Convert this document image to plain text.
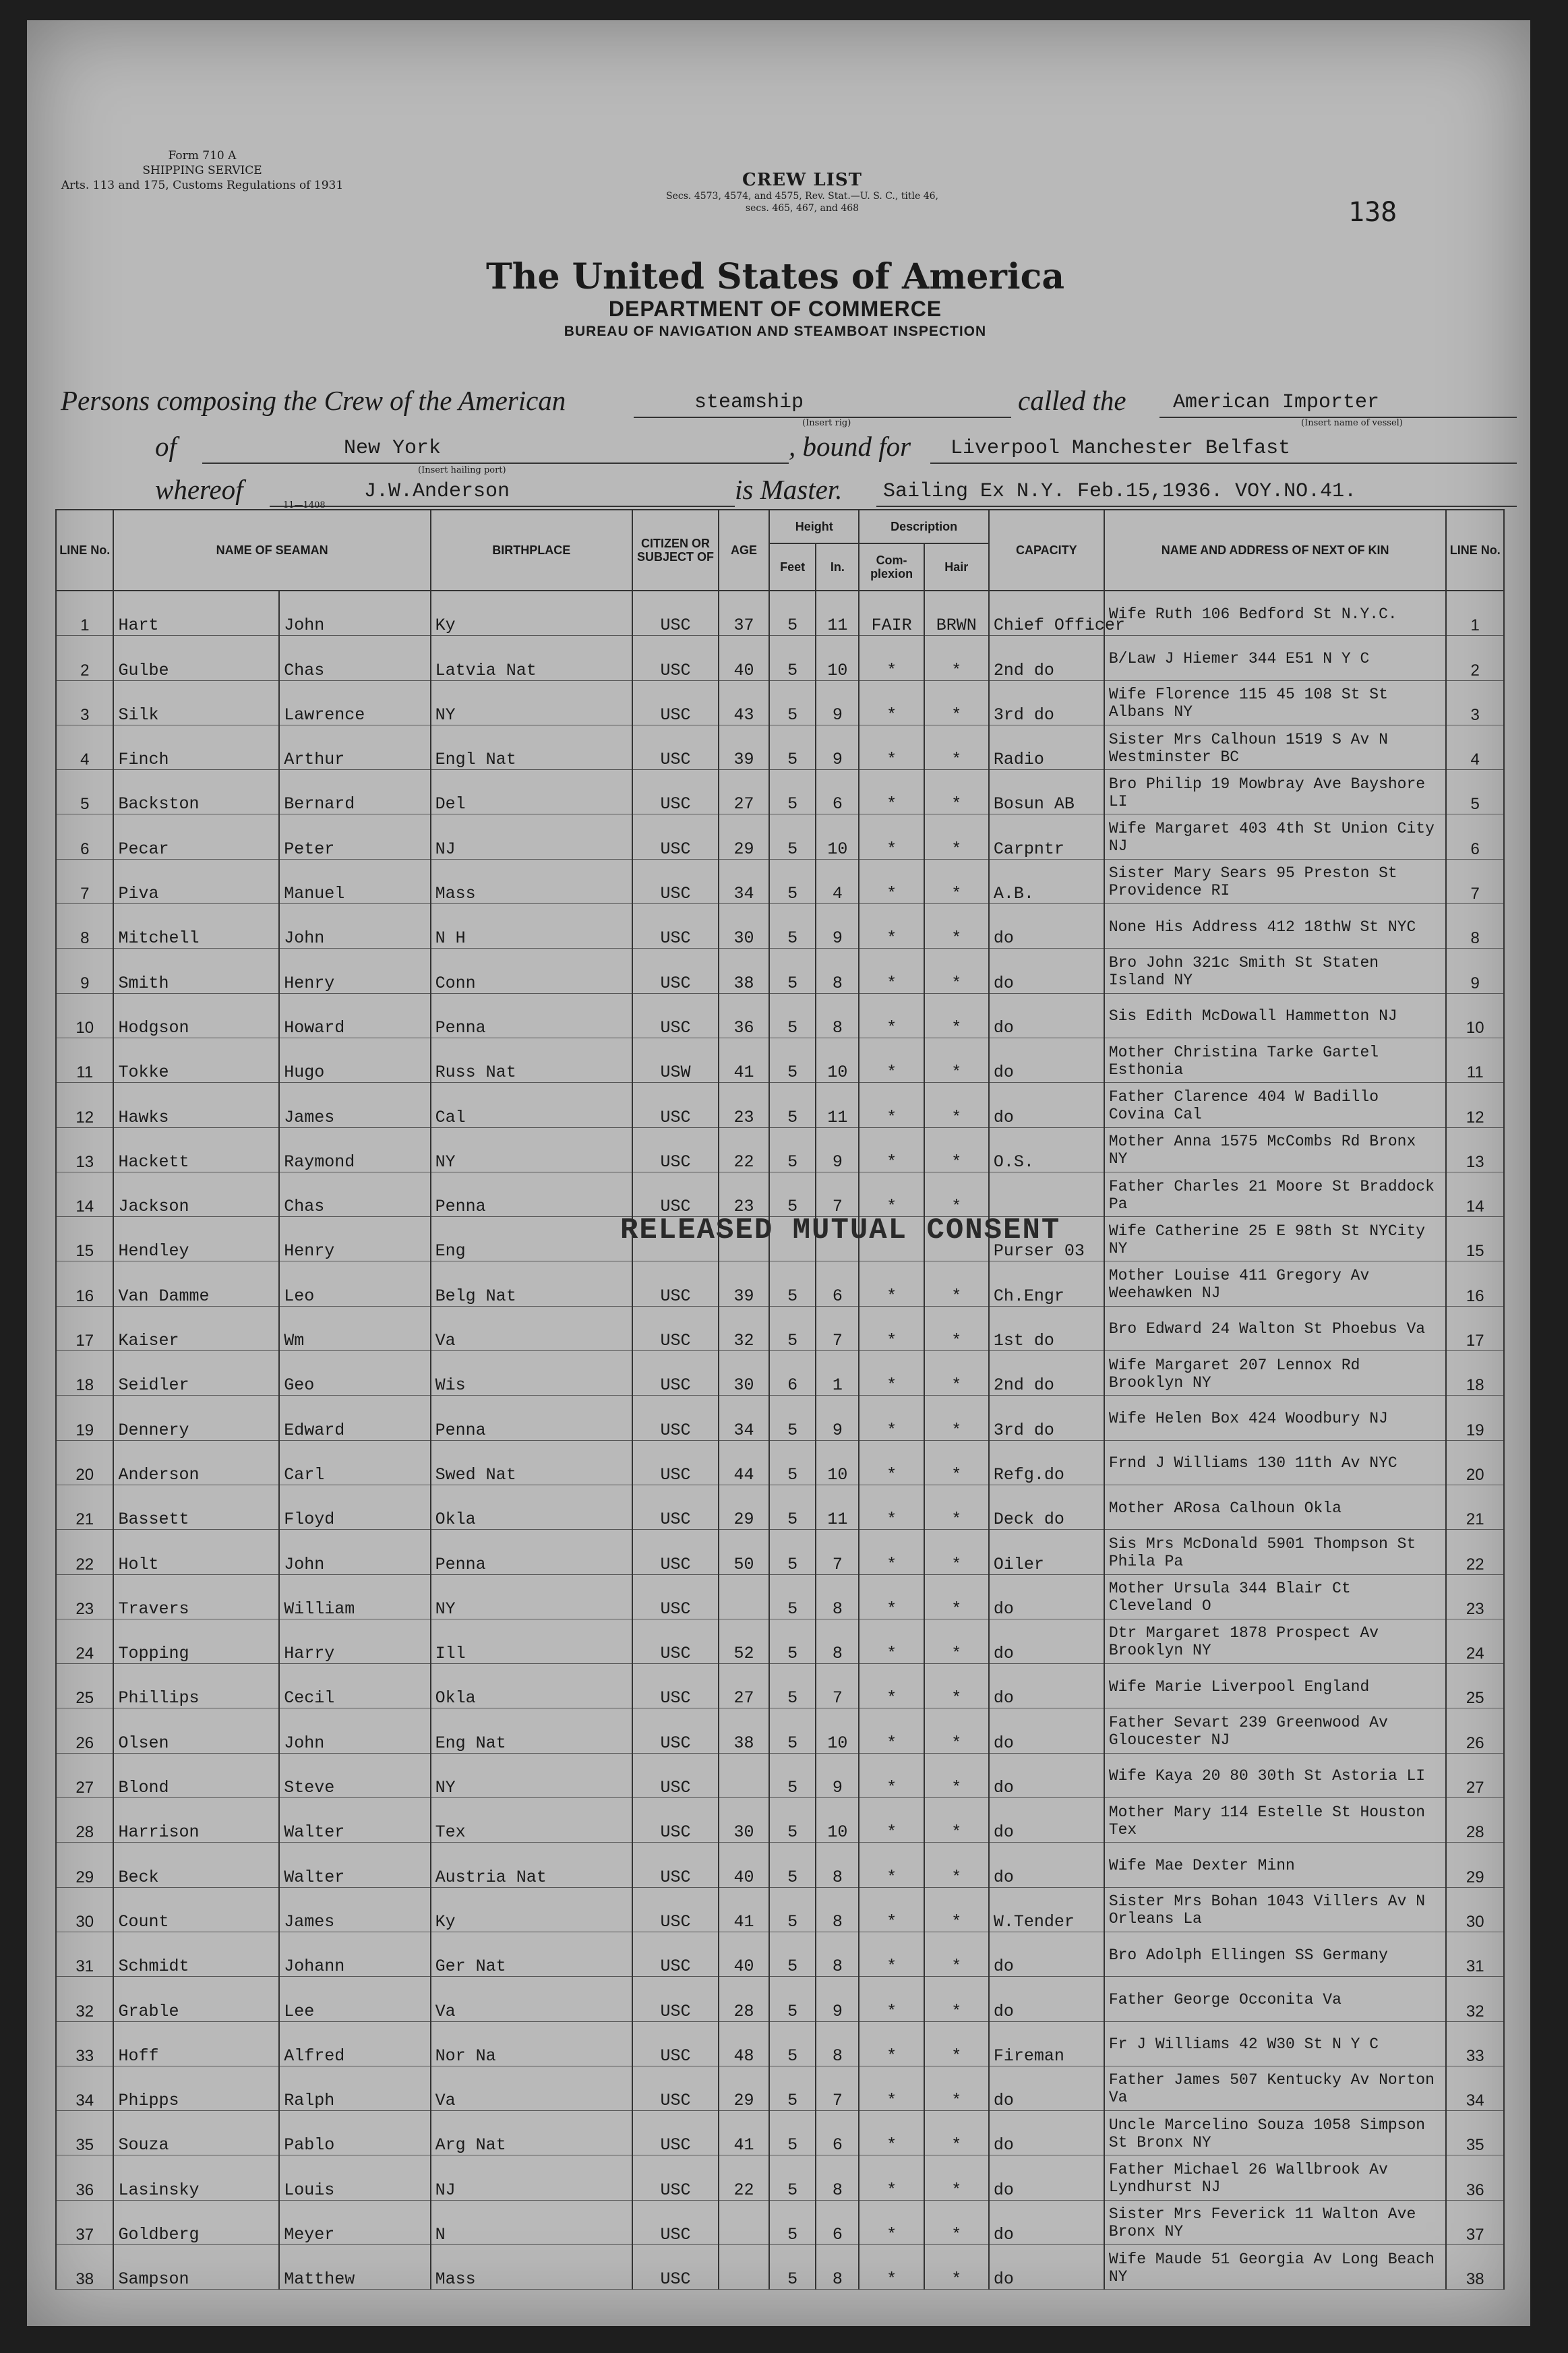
Form 710 A
SHIPPING SERVICE
Arts. 113 and 175, Customs Regulations of 1931	CREW LIST
Secs. 4573, 4574, and 4575, Rev. Stat.—U. S. C., title 46,
secs. 465, 467, and 468	138
The United States of America
DEPARTMENT OF COMMERCE
BUREAU OF NAVIGATION AND STEAMBOAT INSPECTION
Persons composing the Crew of the American	steamship
(Insert rig)
called the American Importer
(Insert name of vessel)
of	New York
(Insert hailing port)
, bound for Liverpool Manchester Belfast
whereof	J.W.Anderson
11—1408
is Master. Sailing Ex N.Y. Feb.15,1936. VOY.NO.41.
LINE No.	NAME OF SEAMAN		BIRTHPLACE	CITIZEN OR SUBJECT OF	AGE	Height		Description		CAPACITY	NAME AND ADDRESS OF NEXT OF KIN	LINE No.
						Feet	In.	Com- plexion	Hair			
1	Hart	John	Ky	USC	37	5	11	FAIR	BRWN	Chief Officer	Wife Ruth 106 Bedford St N.Y.C.	1
2	Gulbe	Chas	Latvia Nat	USC	40	5	10	*	*	2nd do	B/Law J Hiemer 344 E51 N Y C	2
3	Silk	Lawrence	NY	USC	43	5	9	*	*	3rd do	Wife Florence 115 45 108 St St Albans NY	3
4	Finch	Arthur	Engl Nat	USC	39	5	9	*	*	Radio	Sister Mrs Calhoun 1519 S Av N Westminster BC	4
5	Backston	Bernard	Del	USC	27	5	6	*	*	Bosun AB	Bro Philip 19 Mowbray Ave Bayshore LI	5
6	Pecar	Peter	NJ	USC	29	5	10	*	*	Carpntr	Wife Margaret 403 4th St Union City NJ	6
7	Piva	Manuel	Mass	USC	34	5	4	*	*	A.B.	Sister Mary Sears 95 Preston St Providence RI	7
8	Mitchell	John	N H	USC	30	5	9	*	*	do	None His Address 412 18thW St NYC	8
9	Smith	Henry	Conn	USC	38	5	8	*	*	do	Bro John 321c Smith St Staten Island NY	9
10	Hodgson	Howard	Penna	USC	36	5	8	*	*	do	Sis Edith McDowall Hammetton NJ	10
11	Tokke	Hugo	Russ Nat	USW	41	5	10	*	*	do	Mother Christina Tarke Gartel Esthonia	11
12	Hawks	James	Cal	USC	23	5	11	*	*	do	Father Clarence 404 W Badillo Covina Cal	12
13	Hackett	Raymond	NY	USC	22	5	9	*	*	O.S.	Mother Anna 1575 McCombs Rd Bronx NY	13
14	Jackson	Chas	Penna	USC	23	5	7	*	*		Father Charles 21 Moore St Braddock Pa	14
15	Hendley	Henry	Eng							Purser 03	Wife Catherine 25 E 98th St NYCity NY	15
16	Van Damme	Leo	Belg Nat	USC	39	5	6	*	*	Ch.Engr	Mother Louise 411 Gregory Av Weehawken NJ	16
17	Kaiser	Wm	Va	USC	32	5	7	*	*	1st do	Bro Edward 24 Walton St Phoebus Va	17
18	Seidler	Geo	Wis	USC	30	6	1	*	*	2nd do	Wife Margaret 207 Lennox Rd Brooklyn NY	18
19	Dennery	Edward	Penna	USC	34	5	9	*	*	3rd do	Wife Helen Box 424 Woodbury NJ	19
20	Anderson	Carl	Swed Nat	USC	44	5	10	*	*	Refg.do	Frnd J Williams 130 11th Av NYC	20
21	Bassett	Floyd	Okla	USC	29	5	11	*	*	Deck do	Mother ARosa Calhoun Okla	21
22	Holt	John	Penna	USC	50	5	7	*	*	Oiler	Sis Mrs McDonald 5901 Thompson St Phila Pa	22
23	Travers	William	NY	USC		5	8	*	*	do	Mother Ursula 344 Blair Ct Cleveland O	23
24	Topping	Harry	Ill	USC	52	5	8	*	*	do	Dtr Margaret 1878 Prospect Av Brooklyn NY	24
25	Phillips	Cecil	Okla	USC	27	5	7	*	*	do	Wife Marie Liverpool England	25
26	Olsen	John	Eng Nat	USC	38	5	10	*	*	do	Father Sevart 239 Greenwood Av Gloucester NJ	26
27	Blond	Steve	NY	USC		5	9	*	*	do	Wife Kaya 20 80 30th St Astoria LI	27
28	Harrison	Walter	Tex	USC	30	5	10	*	*	do	Mother Mary 114 Estelle St Houston Tex	28
29	Beck	Walter	Austria Nat	USC	40	5	8	*	*	do	Wife Mae Dexter Minn	29
30	Count	James	Ky	USC	41	5	8	*	*	W.Tender	Sister Mrs Bohan 1043 Villers Av N Orleans La	30
31	Schmidt	Johann	Ger Nat	USC	40	5	8	*	*	do	Bro Adolph Ellingen SS Germany	31
32	Grable	Lee	Va	USC	28	5	9	*	*	do	Father George Occonita Va	32
33	Hoff	Alfred	Nor Na	USC	48	5	8	*	*	Fireman	Fr J Williams 42 W30 St N Y C	33
34	Phipps	Ralph	Va	USC	29	5	7	*	*	do	Father James 507 Kentucky Av Norton Va	34
35	Souza	Pablo	Arg Nat	USC	41	5	6	*	*	do	Uncle Marcelino Souza 1058 Simpson St Bronx NY	35
36	Lasinsky	Louis	NJ	USC	22	5	8	*	*	do	Father Michael 26 Wallbrook Av Lyndhurst NJ	36
37	Goldberg	Meyer	N	USC		5	6	*	*	do	Sister Mrs Feverick 11 Walton Ave Bronx NY	37
38	Sampson	Matthew	Mass	USC		5	8	*	*	do	Wife Maude 51 Georgia Av Long Beach NY	38
RELEASED MUTUAL CONSENT
